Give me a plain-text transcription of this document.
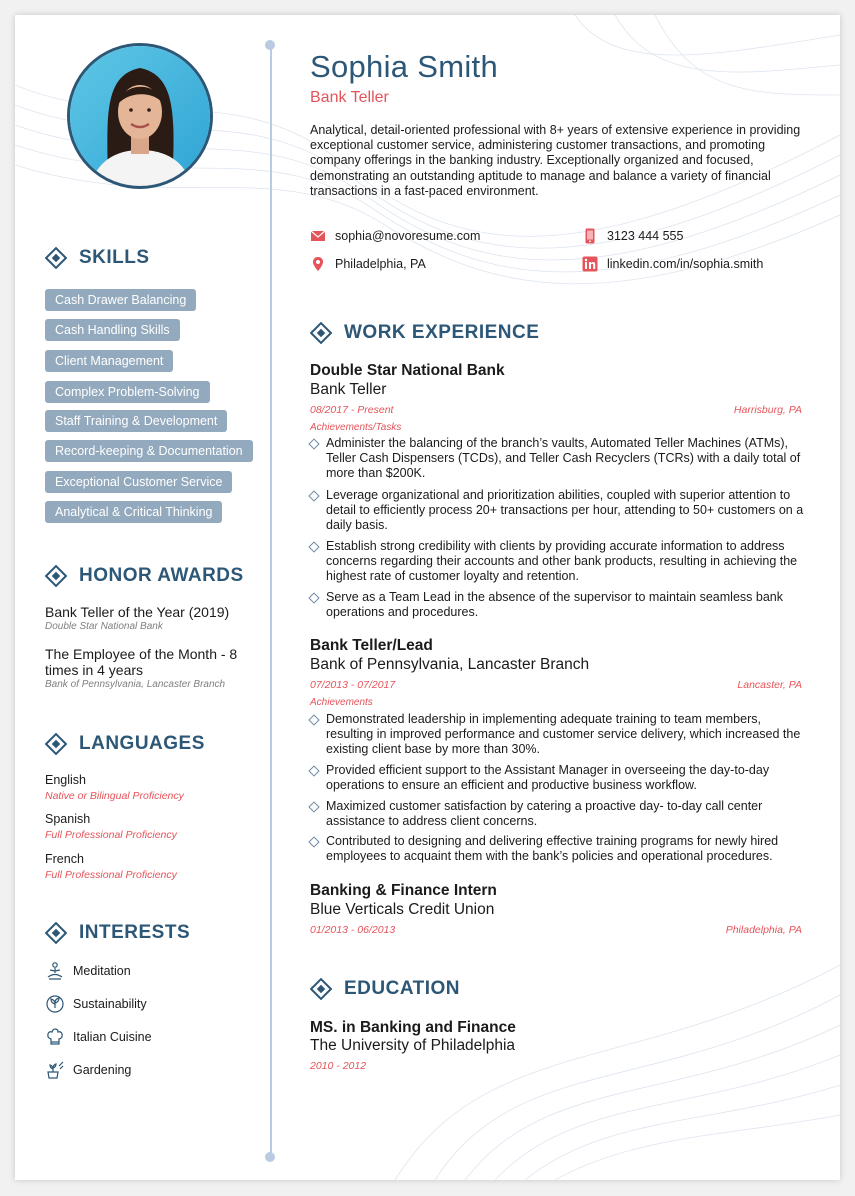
SKILLS
Cash Drawer Balancing
Cash Handling Skills
Client Management
Complex Problem-Solving
Staff Training & Development
Record-keeping & Documentation
Exceptional Customer Service
Analytical & Critical Thinking
HONOR AWARDS
Bank Teller of the Year (2019)
Double Star National Bank
The Employee of the Month - 8 times in 4 years
Bank of Pennsylvania, Lancaster Branch
LANGUAGES
English
Native or Bilingual Proficiency
Spanish
Full Professional Proficiency
French
Full Professional Proficiency
INTERESTS
Meditation
Sustainability
Italian Cuisine
Gardening
Sophia Smith
Bank Teller
Analytical, detail-oriented professional with 8+ years of extensive experience in providing exceptional customer service, administering customer transactions, and promoting company offerings in the banking industry. Exceptionally organized and focused, demonstrating an outstanding aptitude to manage and balance a variety of financial transactions in a fast-paced environment.
sophia@novoresume.com	3123 444 555
Philadelphia, PA	linkedin.com/in/sophia.smith
WORK EXPERIENCE
Double Star National Bank
Bank Teller
08/2017 - Present	Harrisburg, PA
Achievements/Tasks
Administer the balancing of the branch’s vaults, Automated Teller Machines (ATMs), Teller Cash Dispensers (TCDs), and Teller Cash Recyclers (TCRs) with a daily total of more than $200K.
Leverage organizational and prioritization abilities, coupled with superior attention to detail to efficiently process 20+ transactions per hour, attending to 50+ customers on a daily basis.
Establish strong credibility with clients by providing accurate information to address concerns regarding their accounts and other bank products, resulting in achieving the highest rate of customer loyalty and retention.
Serve as a Team Lead in the absence of the supervisor to maintain seamless bank operations and procedures.
Bank Teller/Lead
Bank of Pennsylvania, Lancaster Branch
07/2013 - 07/2017	Lancaster, PA
Achievements
Demonstrated leadership in implementing adequate training to team members, resulting in improved performance and customer service delivery, which increased the existing client base by more than 30%.
Provided efficient support to the Assistant Manager in overseeing the day-to-day operations to ensure an efficient and productive business workflow.
Maximized customer satisfaction by catering a proactive day- to-day call center assistance to address client concerns.
Contributed to designing and delivering effective training programs for newly hired employees to acquaint them with the bank’s policies and operational procedures.
Banking & Finance Intern
Blue Verticals Credit Union
01/2013 - 06/2013	Philadelphia, PA
EDUCATION
MS. in Banking and Finance
The University of Philadelphia
2010 - 2012
